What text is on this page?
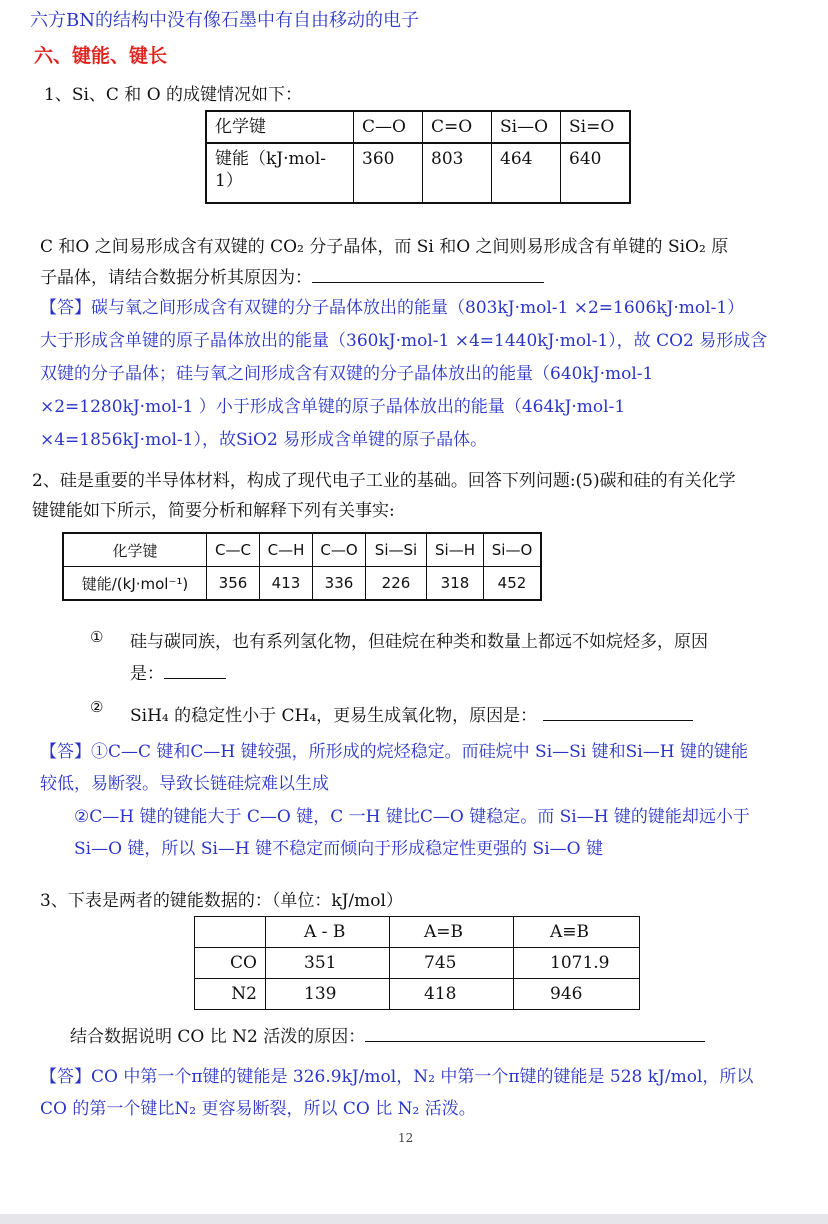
六方BN的结构中没有像石墨中有自由移动的电子
六、键能、键长
1、Si、C 和 O 的成键情况如下：
化学键	C—O	C=O	Si—O	Si=O
键能（kJ·mol-1）	360	803	464	640
C 和O 之间易形成含有双键的 CO₂ 分子晶体，而 Si 和O 之间则易形成含有单键的 SiO₂ 原
子晶体，请结合数据分析其原因为：
【答】碳与氧之间形成含有双键的分子晶体放出的能量（803kJ·mol-1 ×2=1606kJ·mol-1）
大于形成含单键的原子晶体放出的能量（360kJ·mol-1 ×4=1440kJ·mol-1），故 CO2 易形成含
双键的分子晶体；硅与氧之间形成含有双键的分子晶体放出的能量（640kJ·mol-1
×2=1280kJ·mol-1 ）小于形成含单键的原子晶体放出的能量（464kJ·mol-1
×4=1856kJ·mol-1），故SiO2 易形成含单键的原子晶体。
2、硅是重要的半导体材料，构成了现代电子工业的基础。回答下列问题:(5)碳和硅的有关化学
键键能如下所示，简要分析和解释下列有关事实:
化学键	C—C	C—H	C—O	Si—Si	Si—H	Si—O
键能/(kJ·mol⁻¹)	356	413	336	226	318	452
① 硅与碳同族，也有系列氢化物，但硅烷在种类和数量上都远不如烷烃多，原因
是：
② SiH₄ 的稳定性小于 CH₄，更易生成氧化物，原因是：
【答】①C—C 键和C—H 键较强，所形成的烷烃稳定。而硅烷中 Si—Si 键和Si—H 键的键能
较低，易断裂。导致长链硅烷难以生成
②C—H 键的键能大于 C—O 键，C 一H 键比C—O 键稳定。而 Si—H 键的键能却远小于
Si—O 键，所以 Si—H 键不稳定而倾向于形成稳定性更强的 Si—O 键
3、下表是两者的键能数据的：（单位：kJ/mol）
	A - B	A=B	A≡B
CO	351	745	1071.9
N2	139	418	946
结合数据说明 CO 比 N2 活泼的原因：
【答】CO 中第一个π键的键能是 326.9kJ/mol，N₂ 中第一个π键的键能是 528 kJ/mol，所以
CO 的第一个键比N₂ 更容易断裂，所以 CO 比 N₂ 活泼。
12
